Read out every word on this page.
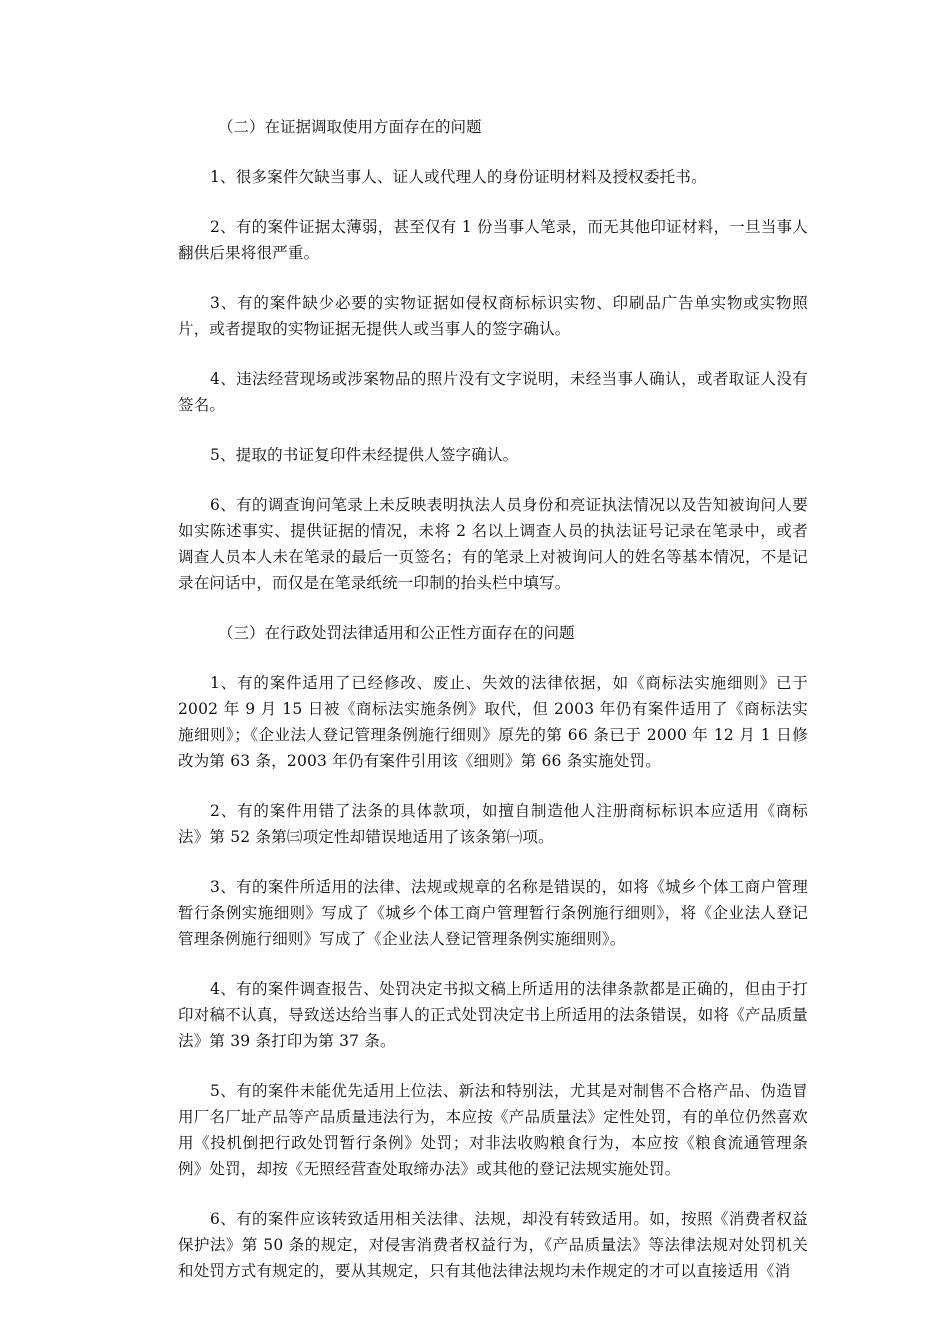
（二）在证据调取使用方面存在的问题

1、很多案件欠缺当事人、证人或代理人的身份证明材料及授权委托书。

2、有的案件证据太薄弱，甚至仅有 1 份当事人笔录，而无其他印证材料，一旦当事人翻供后果将很严重。

3、有的案件缺少必要的实物证据如侵权商标标识实物、印刷品广告单实物或实物照片，或者提取的实物证据无提供人或当事人的签字确认。

4、违法经营现场或涉案物品的照片没有文字说明，未经当事人确认，或者取证人没有签名。

5、提取的书证复印件未经提供人签字确认。

6、有的调查询问笔录上未反映表明执法人员身份和亮证执法情况以及告知被询问人要如实陈述事实、提供证据的情况，未将 2 名以上调查人员的执法证号记录在笔录中，或者调查人员本人未在笔录的最后一页签名；有的笔录上对被询问人的姓名等基本情况，不是记录在问话中，而仅是在笔录纸统一印制的抬头栏中填写。

（三）在行政处罚法律适用和公正性方面存在的问题

1、有的案件适用了已经修改、废止、失效的法律依据，如《商标法实施细则》已于 2002 年 9 月 15 日被《商标法实施条例》取代，但 2003 年仍有案件适用了《商标法实施细则》；《企业法人登记管理条例施行细则》原先的第 66 条已于 2000 年 12 月 1 日修改为第 63 条，2003 年仍有案件引用该《细则》第 66 条实施处罚。

2、有的案件用错了法条的具体款项，如擅自制造他人注册商标标识本应适用《商标法》第 52 条第㈢项定性却错误地适用了该条第㈠项。

3、有的案件所适用的法律、法规或规章的名称是错误的，如将《城乡个体工商户管理暂行条例实施细则》写成了《城乡个体工商户管理暂行条例施行细则》，将《企业法人登记管理条例施行细则》写成了《企业法人登记管理条例实施细则》。

4、有的案件调查报告、处罚决定书拟文稿上所适用的法律条款都是正确的，但由于打印对稿不认真，导致送达给当事人的正式处罚决定书上所适用的法条错误，如将《产品质量法》第 39 条打印为第 37 条。

5、有的案件未能优先适用上位法、新法和特别法，尤其是对制售不合格产品、伪造冒用厂名厂址产品等产品质量违法行为，本应按《产品质量法》定性处罚，有的单位仍然喜欢用《投机倒把行政处罚暂行条例》处罚；对非法收购粮食行为，本应按《粮食流通管理条例》处罚，却按《无照经营查处取缔办法》或其他的登记法规实施处罚。

6、有的案件应该转致适用相关法律、法规，却没有转致适用。如，按照《消费者权益保护法》第 50 条的规定，对侵害消费者权益行为，《产品质量法》等法律法规对处罚机关和处罚方式有规定的，要从其规定，只有其他法律法规均未作规定的才可以直接适用《消
